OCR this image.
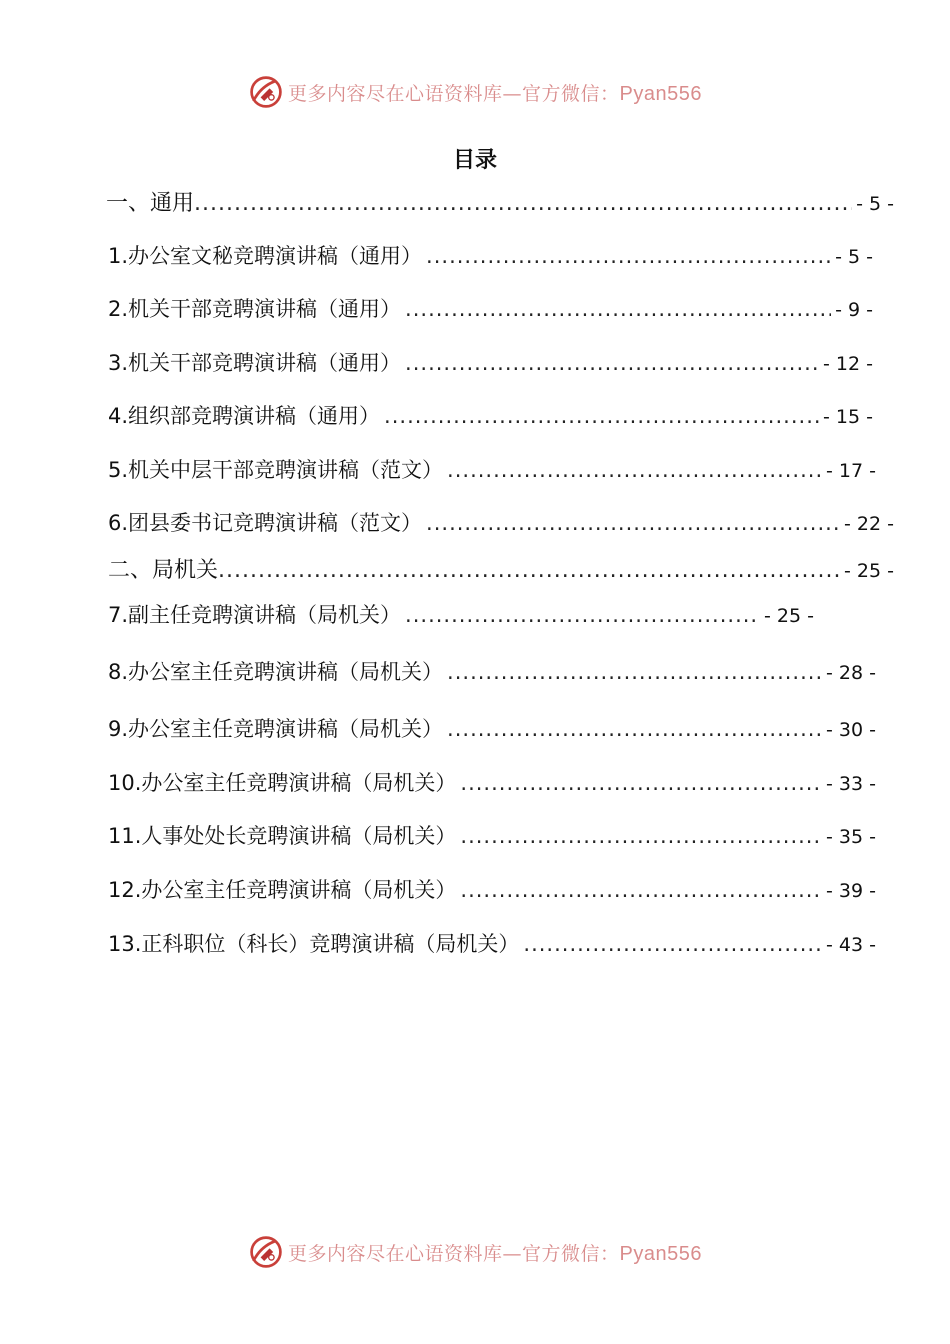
更多内容尽在心语资料库—官方微信：Pyan556
目录
一、通用 .....	- 5 -
1.办公室文秘竞聘演讲稿（通用） .....	- 5 -
2.机关干部竞聘演讲稿（通用） .....	- 9 -
3.机关干部竞聘演讲稿（通用） .....	- 12 -
4.组织部竞聘演讲稿（通用） .....	- 15 -
5.机关中层干部竞聘演讲稿（范文） .....	- 17 -
6.团县委书记竞聘演讲稿（范文） .....	- 22 -
二、局机关 .....	- 25 -
7.副主任竞聘演讲稿（局机关） .....	- 25 -
8.办公室主任竞聘演讲稿（局机关） .....	- 28 -
9.办公室主任竞聘演讲稿（局机关） .....	- 30 -
10.办公室主任竞聘演讲稿（局机关） .....	- 33 -
11.人事处处长竞聘演讲稿（局机关） .....	- 35 -
12.办公室主任竞聘演讲稿（局机关） .....	- 39 -
13.正科职位（科长）竞聘演讲稿（局机关） .....	- 43 -
更多内容尽在心语资料库—官方微信：Pyan556
